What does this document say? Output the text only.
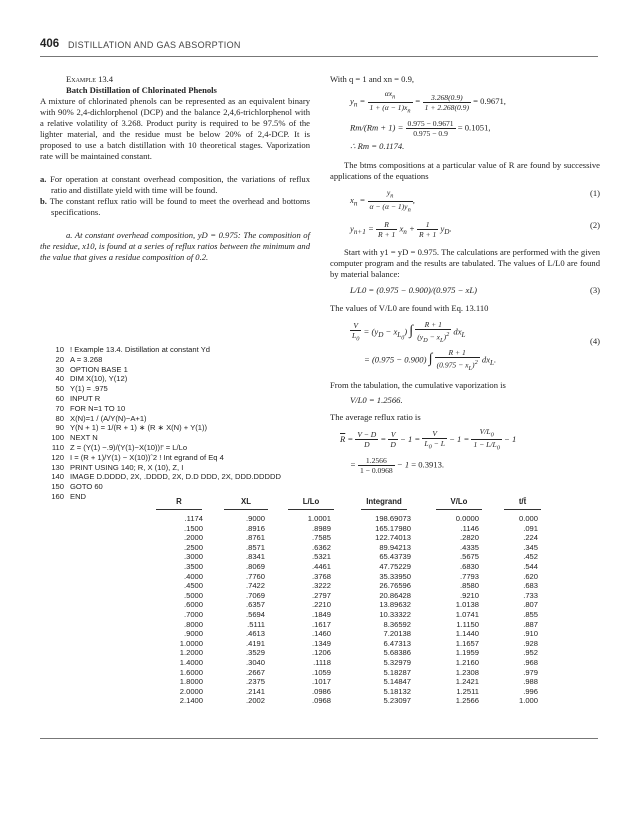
406 DISTILLATION AND GAS ABSORPTION
Example 13.4
Batch Distillation of Chlorinated Phenols
A mixture of chlorinated phenols can be represented as an equivalent binary with 90% 2,4-dichlorphenol (DCP) and the balance 2,4,6-trichlorphenol with a relative volatility of 3.268. Product purity is required to be 97.5% of the lighter material, and the residue must be below 20% of 2,4-DCP. It is proposed to use a batch distillation with 10 theoretical stages. Vaporization rate will be maintained constant.
a. For operation at constant overhead composition, the variations of reflux ratio and distillate yield with time will be found.
b. The constant reflux ratio will be found to meet the overhead and bottoms specifications.
a. At constant overhead composition, yD = 0.975: The composition of the residue, x10, is found at a series of reflux ratios between the minimum and the value that gives a residue composition of 0.2.
10 ! Example 13.4. Distillation at constant Yd
20 A = 3.268
30 OPTION BASE 1
40 DIM X(10), Y(12)
50 Y(1) = .975
60 INPUT R
70 FOR N=1 TO 10
80 X(N)=1 / (A/Y(N)−A+1)
90 Y(N + 1) = 1/(R + 1) ∗ (R ∗ X(N) + Y(1))
100 NEXT N
110 Z = (Y(1) −.9)/(Y(1)−X(10))!' = L/Lo
120 I = (R + 1)/Y(1) − X(10))ˆ2 ! Int egrand of Eq 4
130 PRINT USING 140; R, X (10), Z, I
140 IMAGE D.DDDD, 2X, .DDDD, 2X, D.D DDD, 2X, DDD.DDDDD
150 GOTO 60
160 END
With q = 1 and xn = 0.9,
$y_n = \frac{\alpha x_n}{1 + (\alpha - 1)x_n} = \frac{3.268(0.9)}{1 + 2.268(0.9)} = 0.9671$,
$Rm/(Rm + 1) = \frac{0.975 - 0.9671}{0.975 - 0.9} = 0.1051$,
∴ Rm = 0.1174.
The btms compositions at a particular value of R are found by successive applications of the equations
$x_n = \frac{y_n}{\alpha - (\alpha - 1)y_n}$ ,
(1)
$y_{n+1} = \frac{R}{R + 1} x_n + \frac{1}{R + 1} y_D$.	(2)
Start with y1 = yD = 0.975. The calculations are performed with the given computer program and the results are tabulated. The values of L/L0 are found by material balance:
L/L0 = (0.975 − 0.900)/(0.975 − xL)	(3)
The values of V/L0 are found with Eq. 13.110
$\frac{V}{L_0} = (y_D - x_{L_0})$ ∫ $\frac{R + 1}{(y_D - x_L)^2} dx_L$
= (0.975 − 0.900) ∫ $\frac{R + 1}{(0.975 - x_L)^2} dx_L$.
(4)
From the tabulation, the cumulative vaporization is
V/L0 = 1.2566.
The average reflux ratio is
$\overline{R} = \frac{V - D}{D} = \frac{V}{D} - 1 = \frac{V}{L_0 - L} - 1 = \frac{V/L_0}{1 - L/L_0} - 1$
= $\frac{1.2566}{1 - 0.0968} - 1 = 0.3913$.
R	XL	L/Lo	Integrand	V/Lo	t/t̄

.1174	.9000	1.0001	198.69073	0.0000	0.000
.1500	.8916	.8989	165.17980	.1146	.091
.2000	.8761	.7585	122.74013	.2820	.224
.2500	.8571	.6362	89.94213	.4335	.345
.3000	.8341	.5321	65.43739	.5675	.452
.3500	.8069	.4461	47.75229	.6830	.544
.4000	.7760	.3768	35.33950	.7793	.620
.4500	.7422	.3222	26.76596	.8580	.683
.5000	.7069	.2797	20.86428	.9210	.733
.6000	.6357	.2210	13.89632	1.0138	.807
.7000	.5694	.1849	10.33322	1.0741	.855
.8000	.5111	.1617	8.36592	1.1150	.887
.9000	.4613	.1460	7.20138	1.1440	.910
1.0000	.4191	.1349	6.47313	1.1657	.928
1.2000	.3529	.1206	5.68386	1.1959	.952
1.4000	.3040	.1118	5.32979	1.2160	.968
1.6000	.2667	.1059	5.18287	1.2308	.979
1.8000	.2375	.1017	5.14847	1.2421	.988
2.0000	.2141	.0986	5.18132	1.2511	.996
2.1400	.2002	.0968	5.23097	1.2566	1.000
